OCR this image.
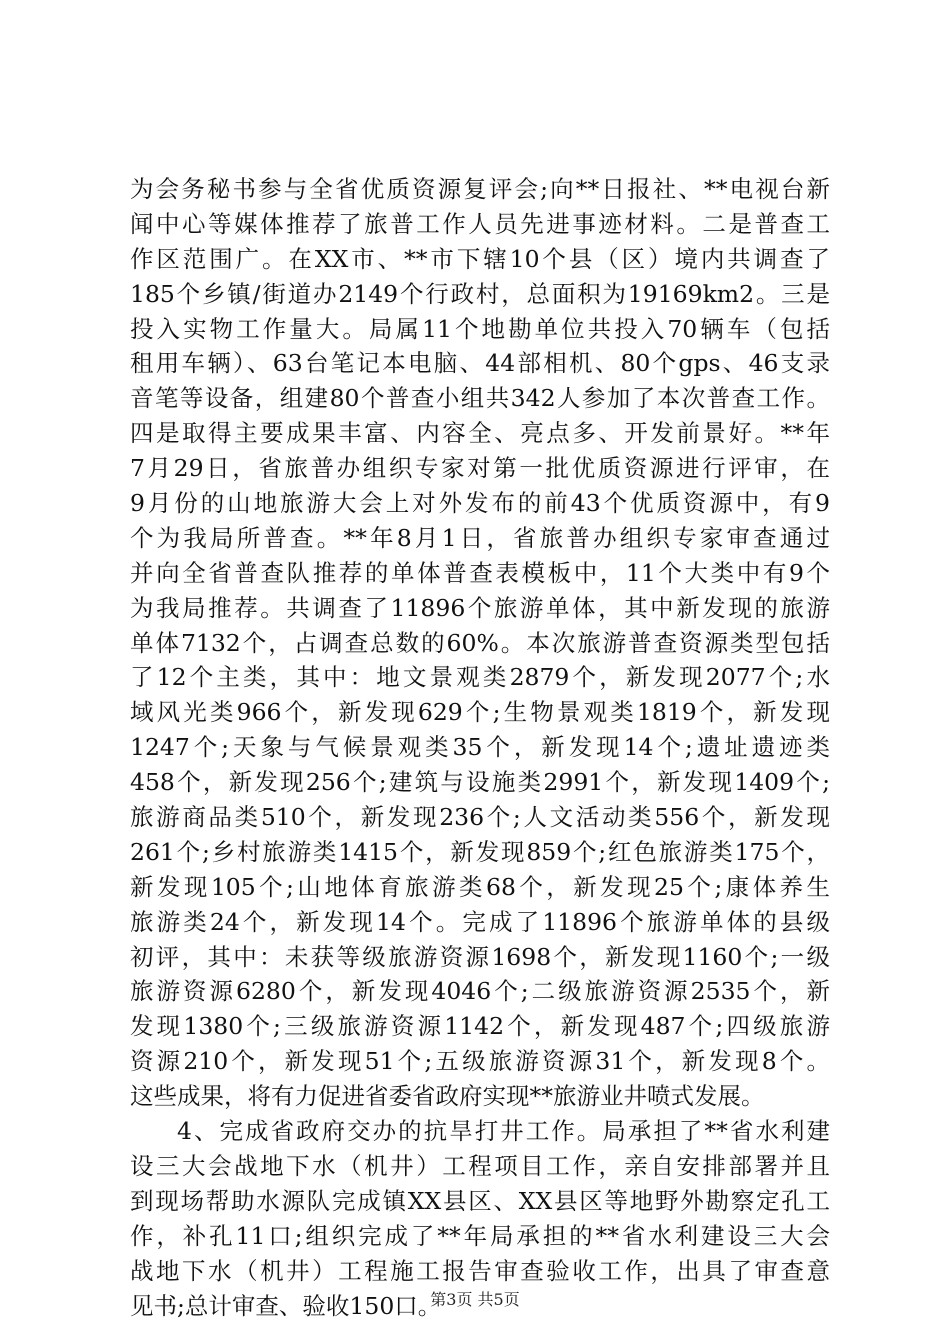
为会务秘书参与全省优质资源复评会;向**日报社、**电视台新
闻中心等媒体推荐了旅普工作人员先进事迹材料。二是普查工
作区范围广。在XX市、**市下辖10个县（区）境内共调查了
185个乡镇/街道办2149个行政村，总面积为19169km2。三是
投入实物工作量大。局属11个地勘单位共投入70辆车（包括
租用车辆）、63台笔记本电脑、44部相机、80个gps、46支录
音笔等设备，组建80个普查小组共342人参加了本次普查工作。
四是取得主要成果丰富、内容全、亮点多、开发前景好。**年
7月29日，省旅普办组织专家对第一批优质资源进行评审，在
9月份的山地旅游大会上对外发布的前43个优质资源中，有9
个为我局所普查。**年8月1日，省旅普办组织专家审查通过
并向全省普查队推荐的单体普查表模板中，11个大类中有9个
为我局推荐。共调查了11896个旅游单体，其中新发现的旅游
单体7132个，占调查总数的60%。本次旅游普查资源类型包括
了12个主类，其中：地文景观类2879个，新发现2077个;水
域风光类966个，新发现629个;生物景观类1819个，新发现
1247个;天象与气候景观类35个，新发现14个;遗址遗迹类
458个，新发现256个;建筑与设施类2991个，新发现1409个;
旅游商品类510个，新发现236个;人文活动类556个，新发现
261个;乡村旅游类1415个，新发现859个;红色旅游类175个，
新发现105个;山地体育旅游类68个，新发现25个;康体养生
旅游类24个，新发现14个。完成了11896个旅游单体的县级
初评，其中：未获等级旅游资源1698个，新发现1160个;一级
旅游资源6280个，新发现4046个;二级旅游资源2535个，新
发现1380个;三级旅游资源1142个，新发现487个;四级旅游
资源210个，新发现51个;五级旅游资源31个，新发现8个。
这些成果，将有力促进省委省政府实现**旅游业井喷式发展。
4、完成省政府交办的抗旱打井工作。局承担了**省水利建
设三大会战地下水（机井）工程项目工作，亲自安排部署并且
到现场帮助水源队完成镇XX县区、XX县区等地野外勘察定孔工
作，补孔11口;组织完成了**年局承担的**省水利建设三大会
战地下水（机井）工程施工报告审查验收工作，出具了审查意
见书;总计审查、验收150口。
第3页 共5页
